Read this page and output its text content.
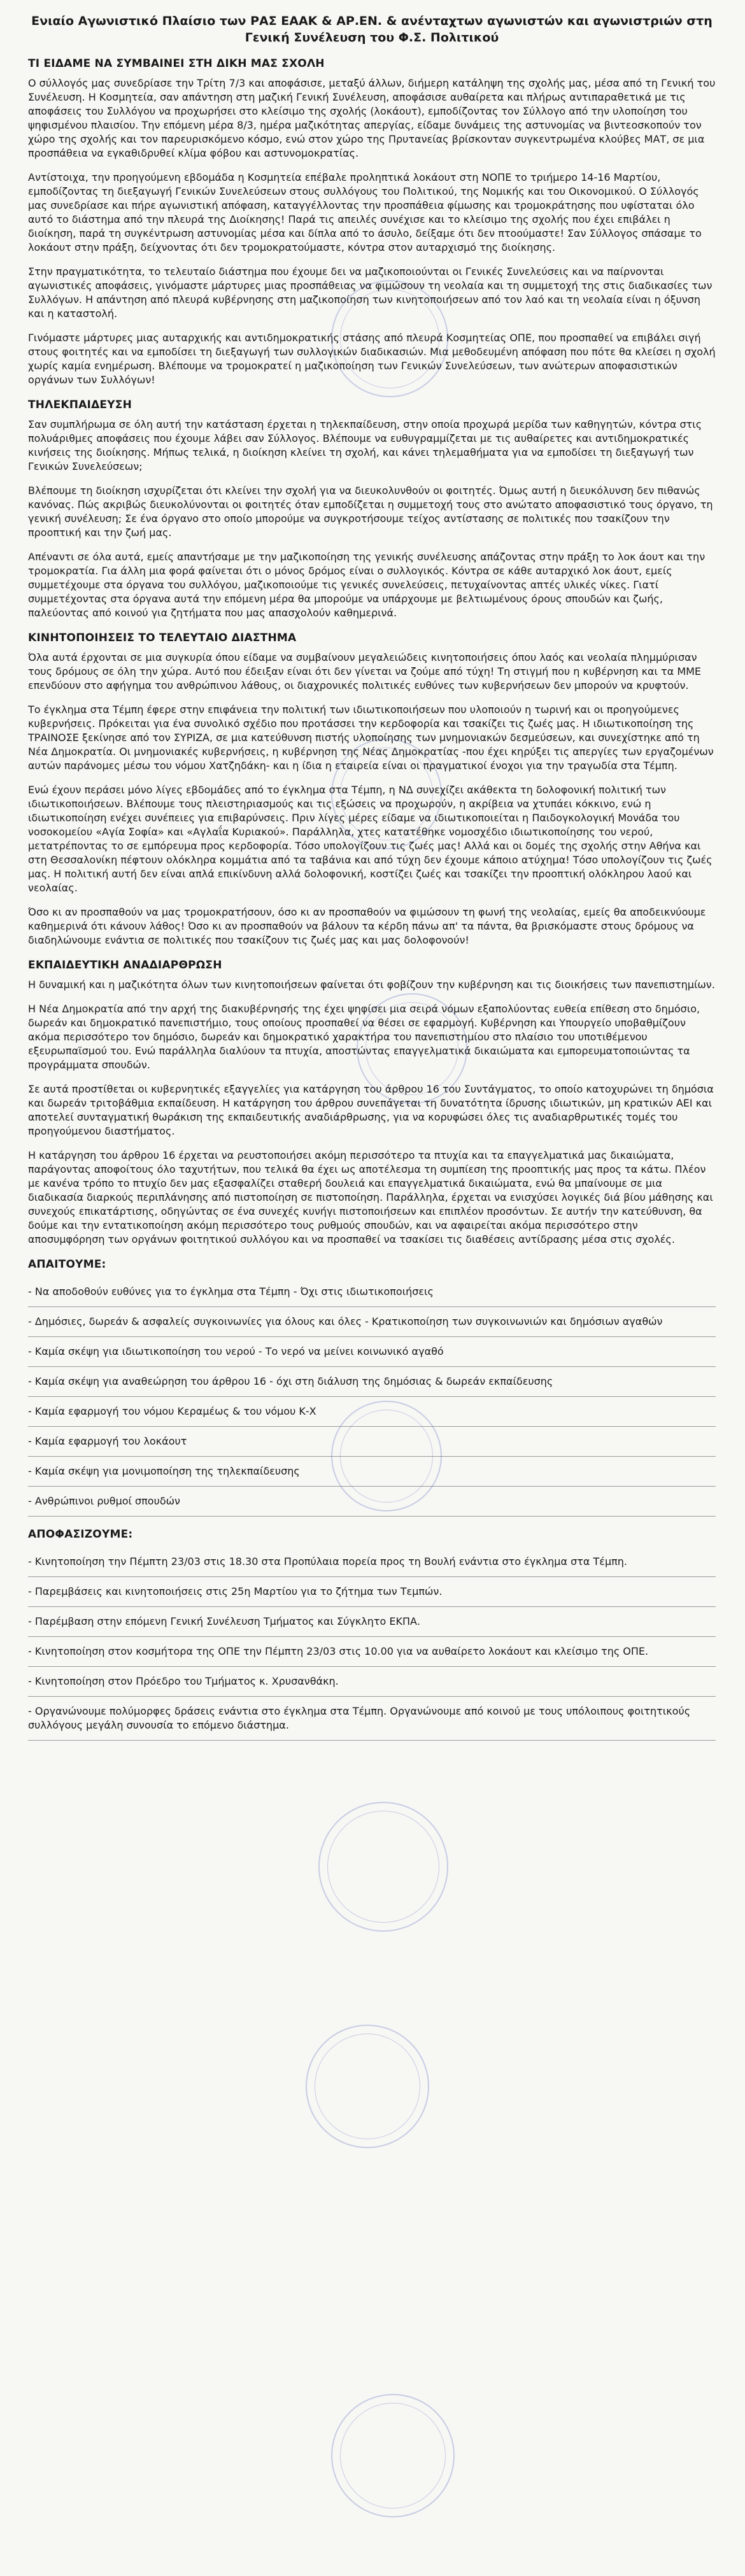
Ενιαίο Αγωνιστικό Πλαίσιο των ΡΑΣ ΕΑΑΚ & ΑΡ.ΕΝ. & ανένταχτων αγωνιστών και αγωνιστριών στη Γενική Συνέλευση του Φ.Σ. Πολιτικού
ΤΙ ΕΙΔΑΜΕ ΝΑ ΣΥΜΒΑΙΝΕΙ ΣΤΗ ΔΙΚΗ ΜΑΣ ΣΧΟΛΗ

Ο σύλλογός μας συνεδρίασε την Τρίτη 7/3 και αποφάσισε, μεταξύ άλλων, διήμερη κατάληψη της σχολής μας, μέσα από τη Γενική του Συνέλευση. Η Κοσμητεία, σαν απάντηση στη μαζική Γενική Συνέλευση, αποφάσισε αυθαίρετα και πλήρως αντιπαραθετικά με τις αποφάσεις του Συλλόγου να προχωρήσει στο κλείσιμο της σχολής (λοκάουτ), εμποδίζοντας τον Σύλλογο από την υλοποίηση του ψηφισμένου πλαισίου. Την επόμενη μέρα 8/3, ημέρα μαζικότητας απεργίας, είδαμε δυνάμεις της αστυνομίας να βιντεοσκοπούν τον χώρο της σχολής και τον παρευρισκόμενο κόσμο, ενώ στον χώρο της Πρυτανείας βρίσκονταν συγκεντρωμένα κλούβες ΜΑΤ, σε μια προσπάθεια να εγκαθιδρυθεί κλίμα φόβου και αστυνομοκρατίας.

Αντίστοιχα, την προηγούμενη εβδομάδα η Κοσμητεία επέβαλε προληπτικά λοκάουτ στη ΝΟΠΕ το τριήμερο 14-16 Μαρτίου, εμποδίζοντας τη διεξαγωγή Γενικών Συνελεύσεων στους συλλόγους του Πολιτικού, της Νομικής και του Οικονομικού. Ο Σύλλογός μας συνεδρίασε και πήρε αγωνιστική απόφαση, καταγγέλλοντας την προσπάθεια φίμωσης και τρομοκράτησης που υφίσταται όλο αυτό το διάστημα από την πλευρά της Διοίκησης! Παρά τις απειλές συνέχισε και το κλείσιμο της σχολής που έχει επιβάλει η διοίκηση, παρά τη συγκέντρωση αστυνομίας μέσα και δίπλα από το άσυλο, δείξαμε ότι δεν πτοούμαστε! Σαν Σύλλογος σπάσαμε το λοκάουτ στην πράξη, δείχνοντας ότι δεν τρομοκρατούμαστε, κόντρα στον αυταρχισμό της διοίκησης.

Στην πραγματικότητα, το τελευταίο διάστημα που έχουμε δει να μαζικοποιούνται οι Γενικές Συνελεύσεις και να παίρνονται αγωνιστικές αποφάσεις, γινόμαστε μάρτυρες μιας προσπάθειας να φιμώσουν τη νεολαία και τη συμμετοχή της στις διαδικασίες των Συλλόγων. Η απάντηση από πλευρά κυβέρνησης στη μαζικοποίηση των κινητοποιήσεων από τον λαό και τη νεολαία είναι η όξυνση και η καταστολή.

Γινόμαστε μάρτυρες μιας αυταρχικής και αντιδημοκρατικής στάσης από πλευρά Κοσμητείας ΟΠΕ, που προσπαθεί να επιβάλει σιγή στους φοιτητές και να εμποδίσει τη διεξαγωγή των συλλογικών διαδικασιών. Μια μεθοδευμένη απόφαση που πότε θα κλείσει η σχολή χωρίς καμία ενημέρωση. Βλέπουμε να τρομοκρατεί η μαζικοποίηση των Γενικών Συνελεύσεων, των ανώτερων αποφασιστικών οργάνων των Συλλόγων!

ΤΗΛΕΚΠΑΙΔΕΥΣΗ

Σαν συμπλήρωμα σε όλη αυτή την κατάσταση έρχεται η τηλεκπαίδευση, στην οποία προχωρά μερίδα των καθηγητών, κόντρα στις πολυάριθμες αποφάσεις που έχουμε λάβει σαν Σύλλογος. Βλέπουμε να ευθυγραμμίζεται με τις αυθαίρετες και αντιδημοκρατικές κινήσεις της διοίκησης. Μήπως τελικά, η διοίκηση κλείνει τη σχολή, και κάνει τηλεμαθήματα για να εμποδίσει τη διεξαγωγή των Γενικών Συνελεύσεων;

Βλέπουμε τη διοίκηση ισχυρίζεται ότι κλείνει την σχολή για να διευκολυνθούν οι φοιτητές. Όμως αυτή η διευκόλυνση δεν πιθανώς κανόνας. Πώς ακριβώς διευκολύνονται οι φοιτητές όταν εμποδίζεται η συμμετοχή τους στο ανώτατο αποφασιστικό τους όργανο, τη γενική συνέλευση; Σε ένα όργανο στο οποίο μπορούμε να συγκροτήσουμε τείχος αντίστασης σε πολιτικές που τσακίζουν την προοπτική και την ζωή μας.

Απέναντι σε όλα αυτά, εμείς απαντήσαμε με την μαζικοποίηση της γενικής συνέλευσης απάζοντας στην πράξη το λοκ άουτ και την τρομοκρατία. Για άλλη μια φορά φαίνεται ότι ο μόνος δρόμος είναι ο συλλογικός. Κόντρα σε κάθε αυταρχικό λοκ άουτ, εμείς συμμετέχουμε στα όργανα του συλλόγου, μαζικοποιούμε τις γενικές συνελεύσεις, πετυχαίνοντας απτές υλικές νίκες. Γιατί συμμετέχοντας στα όργανα αυτά την επόμενη μέρα θα μπορούμε να υπάρχουμε με βελτιωμένους όρους σπουδών και ζωής, παλεύοντας από κοινού για ζητήματα που μας απασχολούν καθημερινά.

ΚΙΝΗΤΟΠΟΙΗΣΕΙΣ ΤΟ ΤΕΛΕΥΤΑΙΟ ΔΙΑΣΤΗΜΑ

Όλα αυτά έρχονται σε μια συγκυρία όπου είδαμε να συμβαίνουν μεγαλειώδεις κινητοποιήσεις όπου λαός και νεολαία πλημμύρισαν τους δρόμους σε όλη την χώρα. Αυτό που έδειξαν είναι ότι δεν γίνεται να ζούμε από τύχη! Τη στιγμή που η κυβέρνηση και τα ΜΜΕ επενδύουν στο αφήγημα του ανθρώπινου λάθους, οι διαχρονικές πολιτικές ευθύνες των κυβερνήσεων δεν μπορούν να κρυφτούν.

Το έγκλημα στα Τέμπη έφερε στην επιφάνεια την πολιτική των ιδιωτικοποιήσεων που υλοποιούν η τωρινή και οι προηγούμενες κυβερνήσεις. Πρόκειται για ένα συνολικό σχέδιο που προτάσσει την κερδοφορία και τσακίζει τις ζωές μας. Η ιδιωτικοποίηση της ΤΡΑΙΝΟΣΕ ξεκίνησε από τον ΣΥΡΙΖΑ, σε μια κατεύθυνση πιστής υλοποίησης των μνημονιακών δεσμεύσεων, και συνεχίστηκε από τη Νέα Δημοκρατία. Οι μνημονιακές κυβερνήσεις, η κυβέρνηση της Νέας Δημοκρατίας -που έχει κηρύξει τις απεργίες των εργαζομένων αυτών παράνομες μέσω του νόμου Χατζηδάκη- και η ίδια η εταιρεία είναι οι πραγματικοί ένοχοι για την τραγωδία στα Τέμπη.

Ενώ έχουν περάσει μόνο λίγες εβδομάδες από το έγκλημα στα Τέμπη, η ΝΔ συνεχίζει ακάθεκτα τη δολοφονική πολιτική των ιδιωτικοποιήσεων. Βλέπουμε τους πλειστηριασμούς και τις εξώσεις να προχωρούν, η ακρίβεια να χτυπάει κόκκινο, ενώ η ιδιωτικοποίηση ενέχει συνέπειες για επιβαρύνσεις. Πριν λίγες μέρες είδαμε να ιδιωτικοποιείται η Παιδογκολογική Μονάδα του νοσοκομείου «Αγία Σοφία» και «Αγλαΐα Κυριακού». Παράλληλα, χτες κατατέθηκε νομοσχέδιο ιδιωτικοποίησης του νερού, μετατρέποντας το σε εμπόρευμα προς κερδοφορία. Τόσο υπολογίζουν τις ζωές μας! Αλλά και οι δομές της σχολής στην Αθήνα και στη Θεσσαλονίκη πέφτουν ολόκληρα κομμάτια από τα ταβάνια και από τύχη δεν έχουμε κάποιο ατύχημα! Τόσο υπολογίζουν τις ζωές μας. Η πολιτική αυτή δεν είναι απλά επικίνδυνη αλλά δολοφονική, κοστίζει ζωές και τσακίζει την προοπτική ολόκληρου λαού και νεολαίας.

Όσο κι αν προσπαθούν να μας τρομοκρατήσουν, όσο κι αν προσπαθούν να φιμώσουν τη φωνή της νεολαίας, εμείς θα αποδεικνύουμε καθημερινά ότι κάνουν λάθος! Όσο κι αν προσπαθούν να βάλουν τα κέρδη πάνω απ' τα πάντα, θα βρισκόμαστε στους δρόμους να διαδηλώνουμε ενάντια σε πολιτικές που τσακίζουν τις ζωές μας και μας δολοφονούν!

ΕΚΠΑΙΔΕΥΤΙΚΗ ΑΝΑΔΙΑΡΘΡΩΣΗ

Η δυναμική και η μαζικότητα όλων των κινητοποιήσεων φαίνεται ότι φοβίζουν την κυβέρνηση και τις διοικήσεις των πανεπιστημίων.

Η Νέα Δημοκρατία από την αρχή της διακυβέρνησής της έχει ψηφίσει μια σειρά νόμων εξαπολύοντας ευθεία επίθεση στο δημόσιο, δωρεάν και δημοκρατικό πανεπιστήμιο, τους οποίους προσπαθεί να θέσει σε εφαρμογή. Κυβέρνηση και Υπουργείο υποβαθμίζουν ακόμα περισσότερο τον δημόσιο, δωρεάν και δημοκρατικό χαρακτήρα του πανεπιστημίου στο πλαίσιο του υποτιθέμενου εξευρωπαϊσμού του. Ενώ παράλληλα διαλύουν τα πτυχία, αποστώντας επαγγελματικά δικαιώματα και εμπορευματοποιώντας τα προγράμματα σπουδών.

Σε αυτά προστίθεται οι κυβερνητικές εξαγγελίες για κατάργηση του άρθρου 16 του Συντάγματος, το οποίο κατοχυρώνει τη δημόσια και δωρεάν τριτοβάθμια εκπαίδευση. Η κατάργηση του άρθρου συνεπάγεται τη δυνατότητα ίδρυσης ιδιωτικών, μη κρατικών ΑΕΙ και αποτελεί συνταγματική θωράκιση της εκπαιδευτικής αναδιάρθρωσης, για να κορυφώσει όλες τις αναδιαρθρωτικές τομές του προηγούμενου διαστήματος.

Η κατάργηση του άρθρου 16 έρχεται να ρευστοποιήσει ακόμη περισσότερο τα πτυχία και τα επαγγελματικά μας δικαιώματα, παράγοντας αποφοίτους όλο ταχυτήτων, που τελικά θα έχει ως αποτέλεσμα τη συμπίεση της προοπτικής μας προς τα κάτω. Πλέον με κανένα τρόπο το πτυχίο δεν μας εξασφαλίζει σταθερή δουλειά και επαγγελματικά δικαιώματα, ενώ θα μπαίνουμε σε μια διαδικασία διαρκούς περιπλάνησης από πιστοποίηση σε πιστοποίηση. Παράλληλα, έρχεται να ενισχύσει λογικές διά βίου μάθησης και συνεχούς επικατάρτισης, οδηγώντας σε ένα συνεχές κυνήγι πιστοποιήσεων και επιπλέον προσόντων. Σε αυτήν την κατεύθυνση, θα δούμε και την εντατικοποίηση ακόμη περισσότερο τους ρυθμούς σπουδών, και να αφαιρείται ακόμα περισσότερο στην αποσυμφόρηση των οργάνων φοιτητικού συλλόγου και να προσπαθεί να τσακίσει τις διαθέσεις αντίδρασης μέσα στις σχολές.

ΑΠΑΙΤΟΥΜΕ:
- Να αποδοθούν ευθύνες για το έγκλημα στα Τέμπη - Όχι στις ιδιωτικοποιήσεις
- Δημόσιες, δωρεάν & ασφαλείς συγκοινωνίες για όλους και όλες - Κρατικοποίηση των συγκοινωνιών και δημόσιων αγαθών
- Καμία σκέψη για ιδιωτικοποίηση του νερού - Το νερό να μείνει κοινωνικό αγαθό
- Καμία σκέψη για αναθεώρηση του άρθρου 16 - όχι στη διάλυση της δημόσιας & δωρεάν εκπαίδευσης
- Καμία εφαρμογή του νόμου Κεραμέως & του νόμου Κ-Χ
- Καμία εφαρμογή του λοκάουτ
- Καμία σκέψη για μονιμοποίηση της τηλεκπαίδευσης
- Ανθρώπινοι ρυθμοί σπουδών
ΑΠΟΦΑΣΙΖΟΥΜΕ:
- Κινητοποίηση την Πέμπτη 23/03 στις 18.30 στα Προπύλαια πορεία προς τη Βουλή ενάντια στο έγκλημα στα Τέμπη.
- Παρεμβάσεις και κινητοποιήσεις στις 25η Μαρτίου για το ζήτημα των Τεμπών.
- Παρέμβαση στην επόμενη Γενική Συνέλευση Τμήματος και Σύγκλητο ΕΚΠΑ.
- Κινητοποίηση στον κοσμήτορα της ΟΠΕ την Πέμπτη 23/03 στις 10.00 για να αυθαίρετο λοκάουτ και κλείσιμο της ΟΠΕ.
- Κινητοποίηση στον Πρόεδρο του Τμήματος κ. Χρυσανθάκη.
- Οργανώνουμε πολύμορφες δράσεις ενάντια στο έγκλημα στα Τέμπη. Οργανώνουμε από κοινού με τους υπόλοιπους φοιτητικούς συλλόγους μεγάλη συνουσία το επόμενο διάστημα.
